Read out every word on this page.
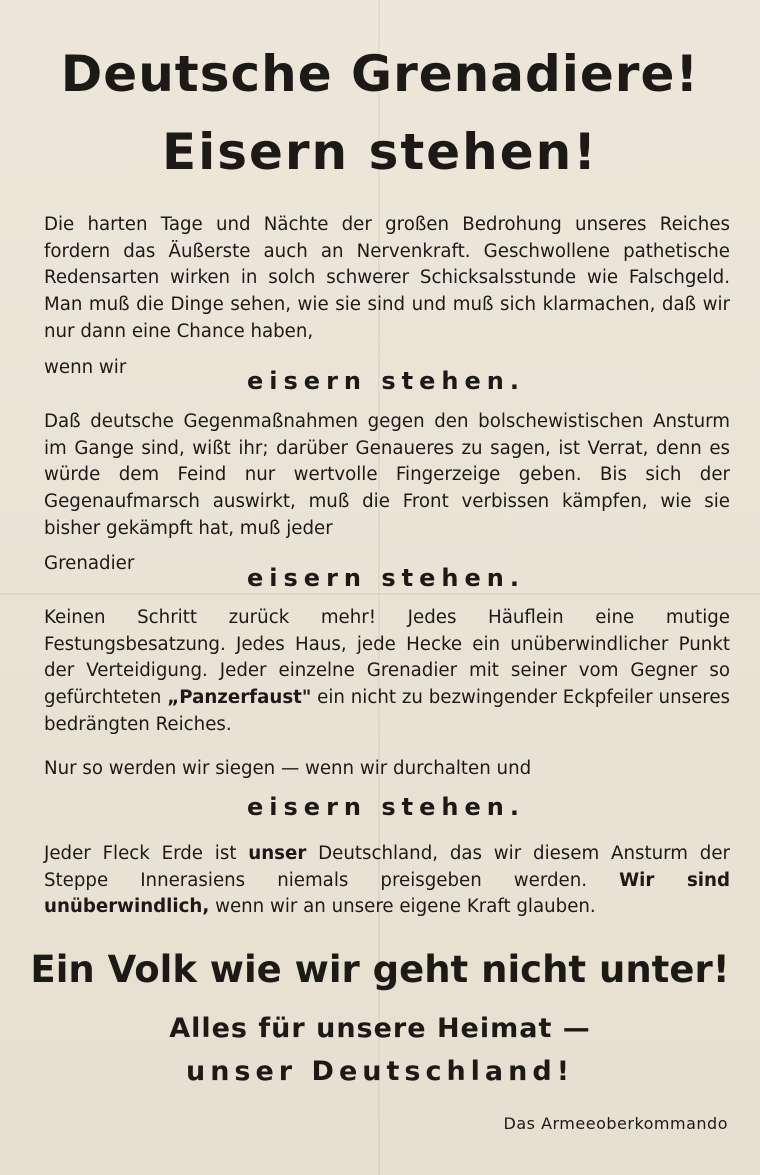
Deutsche Grenadiere!
Eisern stehen!

Die harten Tage und Nächte der großen Bedrohung unseres Reiches fordern das Äußerste auch an Nervenkraft. Geschwollene pathetische Redensarten wirken in solch schwerer Schicksalsstunde wie Falschgeld. Man muß die Dinge sehen, wie sie sind und muß sich klarmachen, daß wir nur dann eine Chance haben,

wenn wir	eisern stehen.

Daß deutsche Gegenmaßnahmen gegen den bolschewistischen Ansturm im Gange sind, wißt ihr; darüber Genaueres zu sagen, ist Verrat, denn es würde dem Feind nur wertvolle Fingerzeige geben. Bis sich der Gegenaufmarsch auswirkt, muß die Front verbissen kämpfen, wie sie bisher gekämpft hat, muß jeder

Grenadier

eisern stehen.

Keinen Schritt zurück mehr! Jedes Häuflein eine mutige Festungsbesatzung. Jedes Haus, jede Hecke ein unüberwindlicher Punkt der Verteidigung. Jeder einzelne Grenadier mit seiner vom Gegner so gefürchteten „Panzerfaust" ein nicht zu bezwingender Eckpfeiler unseres bedrängten Reiches.

Nur so werden wir siegen — wenn wir durchalten und

eisern stehen.

Jeder Fleck Erde ist unser Deutschland, das wir diesem Ansturm der Steppe Innerasiens niemals preisgeben werden. Wir sind unüberwindlich, wenn wir an unsere eigene Kraft glauben.

Ein Volk wie wir geht nicht unter!
Alles für unsere Heimat —
unser Deutschland!

Das Armeeoberkommando
